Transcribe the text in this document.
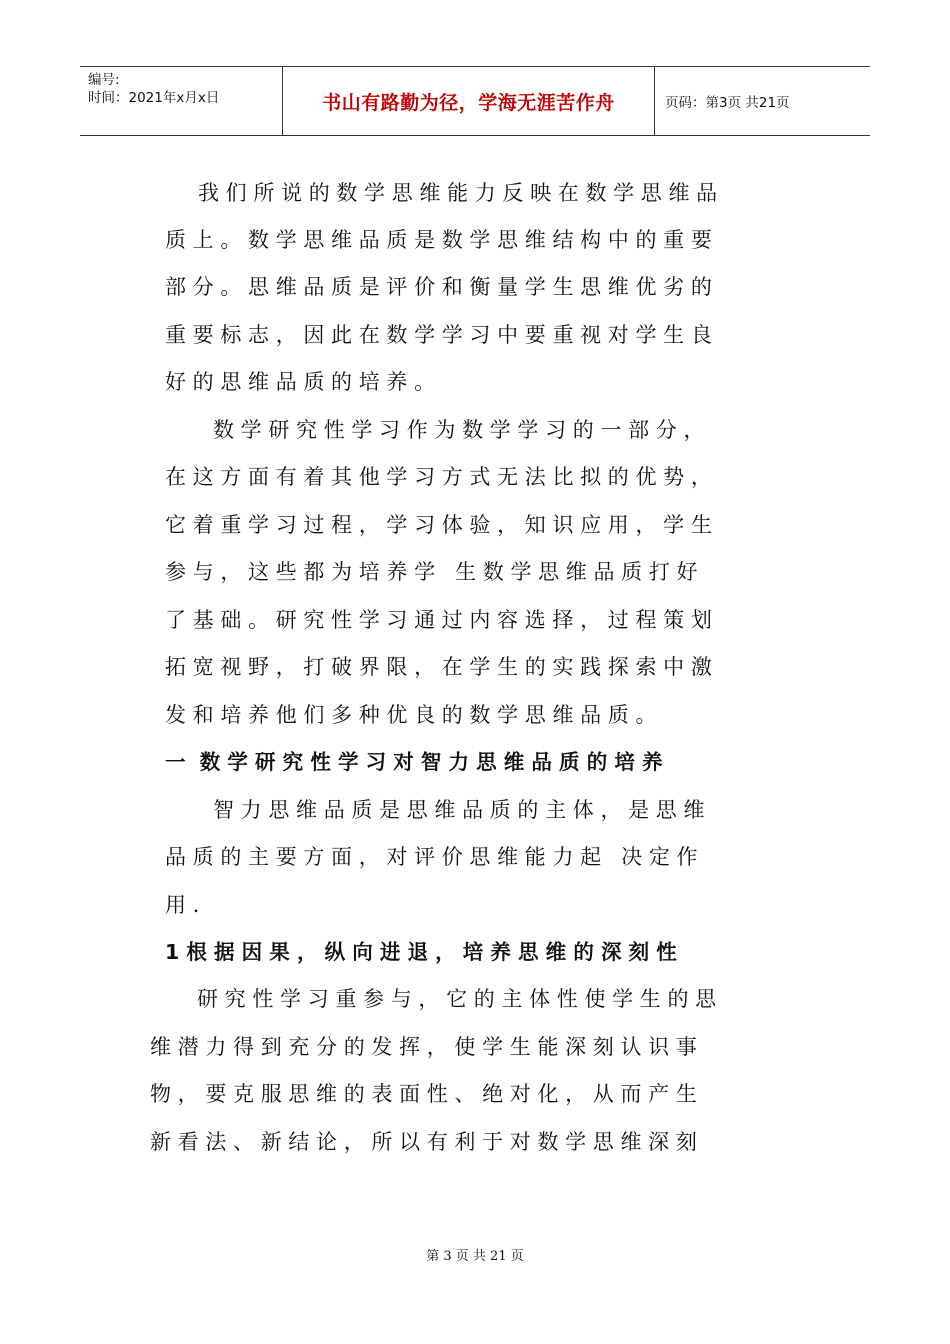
编号:
时间：2021年x月x日	书山有路勤为径，学海无涯苦作舟	页码：第3页 共21页
我 们 所 说 的 数 学 思 维 能 力 反 映 在 数 学 思 维 品
质 上 。 数 学 思 维 品 质 是 数 学 思 维 结 构 中 的 重 要
部 分 。 思 维 品 质 是 评 价 和 衡 量 学 生 思 维 优 劣 的
重 要 标 志 ， 因 此 在 数 学 学 习 中 要 重 视 对 学 生 良
好 的 思 维 品 质 的 培 养 。
数 学 研 究 性 学 习 作 为 数 学 学 习 的 一 部 分 ，
在 这 方 面 有 着 其 他 学 习 方 式 无 法 比 拟 的 优 势 ，
它 着 重 学 习 过 程 ， 学 习 体 验 ， 知 识 应 用 ， 学 生
参 与 ， 这 些 都 为 培 养 学   生 数 学 思 维 品 质 打 好
了 基 础 。 研 究 性 学 习 通 过 内 容 选 择 ， 过 程 策 划
拓 宽 视 野 ， 打 破 界 限 ， 在 学 生 的 实 践 探 索 中 激
发 和 培 养 他 们 多 种 优 良 的 数 学 思 维 品 质 。
一  数 学 研 究 性 学 习 对 智 力 思 维 品 质 的 培 养
智 力 思 维 品 质 是 思 维 品 质 的 主 体 ， 是 思 维
品 质 的 主 要 方 面 ， 对 评 价 思 维 能 力 起   决 定 作
用 .
1 根 据 因 果 ， 纵 向 进 退 ， 培 养 思 维 的 深 刻 性
研 究 性 学 习 重 参 与 ， 它 的 主 体 性 使 学 生 的 思
维 潜 力 得 到 充 分 的 发 挥 ， 使 学 生 能 深 刻 认 识 事
物 ， 要 克 服 思 维 的 表 面 性 、 绝 对 化 ， 从 而 产 生
新 看 法 、 新 结 论 ， 所 以 有 利 于 对 数 学 思 维 深 刻
第 3 页 共 21 页
